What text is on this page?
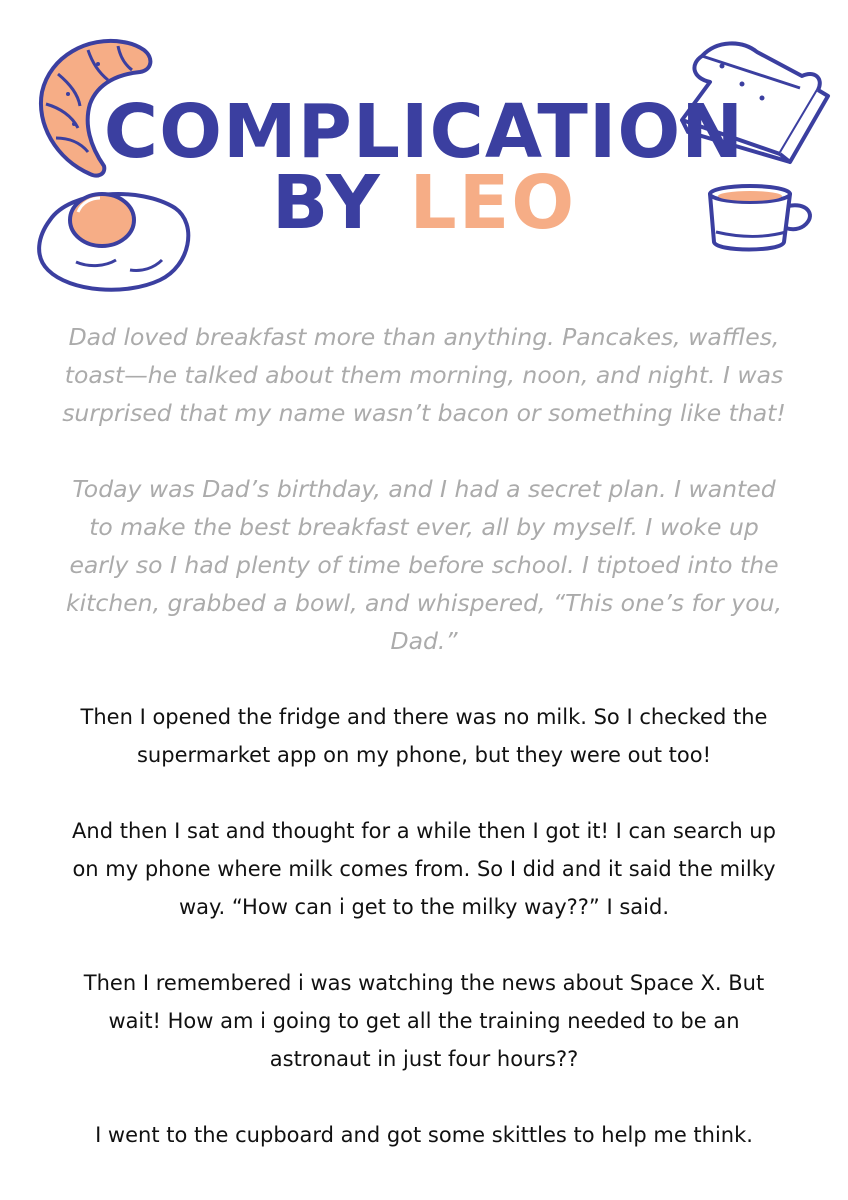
COMPLICATION
BY LEO

Dad loved breakfast more than anything. Pancakes, waffles, toast—he talked about them morning, noon, and night. I was surprised that my name wasn’t bacon or something like that!

Today was Dad’s birthday, and I had a secret plan. I wanted to make the best breakfast ever, all by myself. I woke up early so I had plenty of time before school. I tiptoed into the kitchen, grabbed a bowl, and whispered, “This one’s for you, Dad.”

Then I opened the fridge and there was no milk. So I checked the supermarket app on my phone, but they were out too!

And then I sat and thought for a while then I got it! I can search up on my phone where milk comes from. So I did and it said the milky way. “How can i get to the milky way??” I said.

Then I remembered i was watching the news about Space X. But wait! How am i going to get all the training needed to be an astronaut in just four hours??

I went to the cupboard and got some skittles to help me think.
